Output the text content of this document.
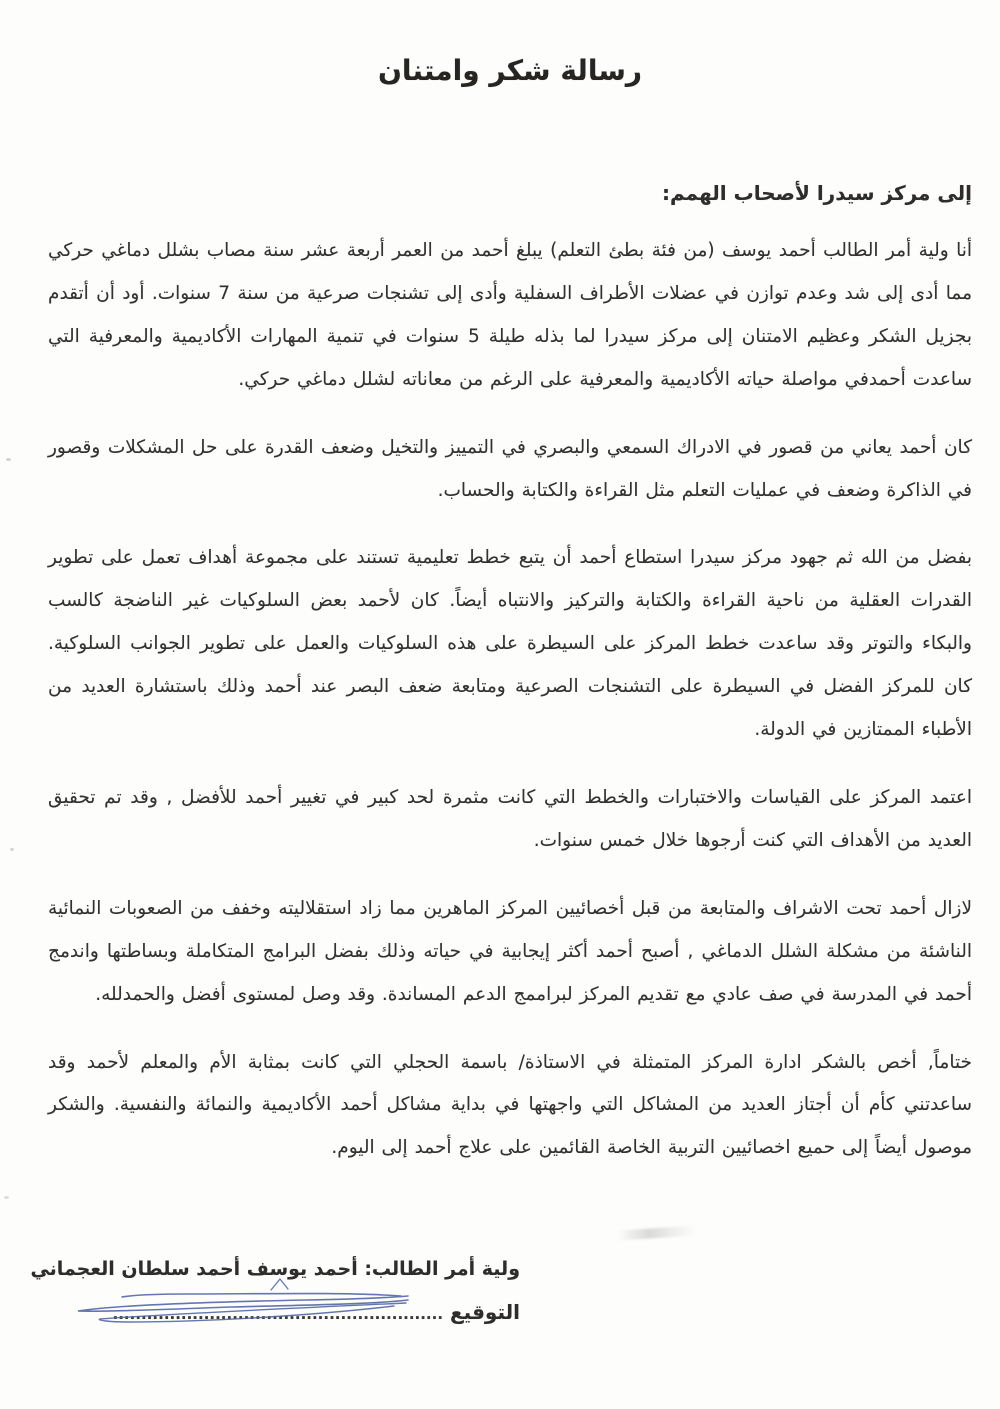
رسالة شكر وامتنان
إلى مركز سيدرا لأصحاب الهمم:

أنا ولية أمر الطالب أحمد يوسف (من فئة بطئ التعلم) يبلغ أحمد من العمر أربعة عشر سنة مصاب بشلل دماغي حركي مما أدى إلى شد وعدم توازن في عضلات الأطراف السفلية وأدى إلى تشنجات صرعية من سنة 7 سنوات. أود أن أتقدم بجزيل الشكر وعظيم الامتنان إلى مركز سيدرا لما بذله طيلة 5 سنوات في تنمية المهارات الأكاديمية والمعرفية التي ساعدت أحمدفي مواصلة حياته الأكاديمية والمعرفية على الرغم من معاناته لشلل دماغي حركي.

كان أحمد يعاني من قصور في الادراك السمعي والبصري في التمييز والتخيل وضعف القدرة على حل المشكلات وقصور في الذاكرة وضعف في عمليات التعلم مثل القراءة والكتابة والحساب.

بفضل من الله ثم جهود مركز سيدرا استطاع أحمد أن يتبع خطط تعليمية تستند على مجموعة أهداف تعمل على تطوير القدرات العقلية من ناحية القراءة والكتابة والتركيز والانتباه أيضاً. كان لأحمد بعض السلوكيات غير الناضجة كالسب والبكاء والتوتر وقد ساعدت خطط المركز على السيطرة على هذه السلوكيات والعمل على تطوير الجوانب السلوكية. كان للمركز الفضل في السيطرة على التشنجات الصرعية ومتابعة ضعف البصر عند أحمد وذلك باستشارة العديد من الأطباء الممتازين في الدولة.

اعتمد المركز على القياسات والاختبارات والخطط التي كانت مثمرة لحد كبير في تغيير أحمد للأفضل , وقد تم تحقيق العديد من الأهداف التي كنت أرجوها خلال خمس سنوات.

لازال أحمد تحت الاشراف والمتابعة من قبل أخصائيين المركز الماهرين مما زاد استقلاليته وخفف من الصعوبات النمائية الناشئة من مشكلة الشلل الدماغي , أصبح أحمد أكثر إيجابية في حياته وذلك بفضل البرامج المتكاملة وبساطتها واندمج أحمد في المدرسة في صف عادي مع تقديم المركز لبراممج الدعم المساندة. وقد وصل لمستوى أفضل والحمدلله.

ختاماً, أخص بالشكر ادارة المركز المتمثلة في الاستاذة/ باسمة الحجلي التي كانت بمثابة الأم والمعلم لأحمد وقد ساعدتني كأم أن أجتاز العديد من المشاكل التي واجهتها في بداية مشاكل أحمد الأكاديمية والنمائة والنفسية. والشكر موصول أيضاً إلى حميع اخصائيين التربية الخاصة القائمين على علاج أحمد إلى اليوم.

ولية أمر الطالب: أحمد يوسف أحمد سلطان العجماني
التوقيع ..........................................................
